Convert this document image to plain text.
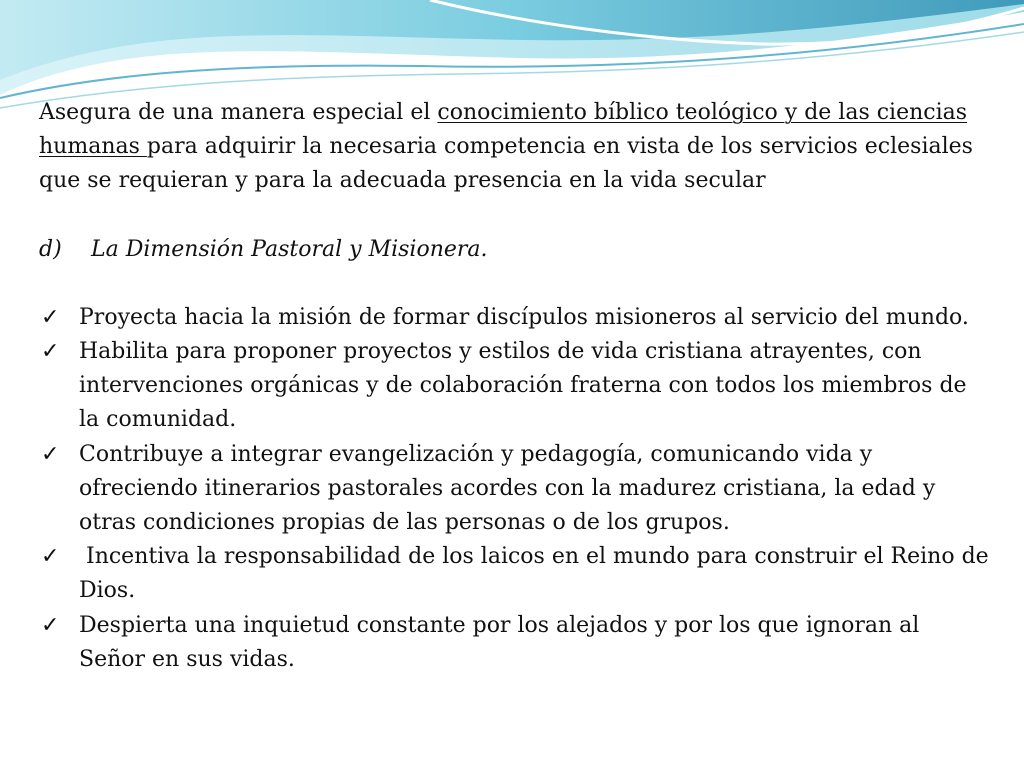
Asegura de una manera especial el conocimiento bíblico teológico y de las ciencias humanas para adquirir la necesaria competencia en vista de los servicios eclesiales que se requieran y para la adecuada presencia en la vida secular

d)	La Dimensión Pastoral y Misionera.
✓ Proyecta hacia la misión de formar discípulos misioneros al servicio del mundo.
✓ Habilita para proponer proyectos y estilos de vida cristiana atrayentes, con intervenciones orgánicas y de colaboración fraterna con todos los miembros de la comunidad.
✓ Contribuye a integrar evangelización y pedagogía, comunicando vida y ofreciendo itinerarios pastorales acordes con la madurez cristiana, la edad y otras condiciones propias de las personas o de los grupos.
✓ Incentiva la responsabilidad de los laicos en el mundo para construir el Reino de Dios.
✓ Despierta una inquietud constante por los alejados y por los que ignoran al Señor en sus vidas.
